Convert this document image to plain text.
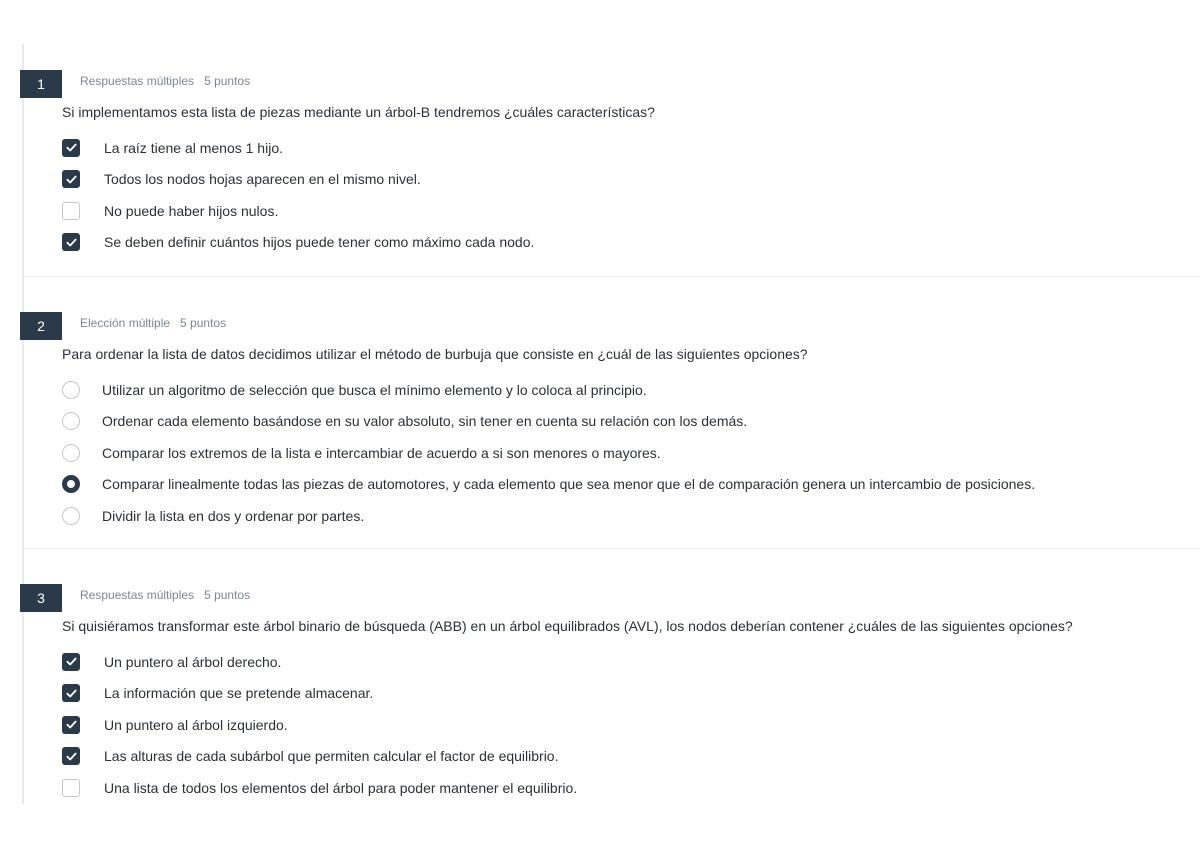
1	Respuestas múltiples 5 puntos
Si implementamos esta lista de piezas mediante un árbol-B tendremos ¿cuáles características?
La raíz tiene al menos 1 hijo.
Todos los nodos hojas aparecen en el mismo nivel.
No puede haber hijos nulos.
Se deben definir cuántos hijos puede tener como máximo cada nodo.
2	Elección múltiple 5 puntos
Para ordenar la lista de datos decidimos utilizar el método de burbuja que consiste en ¿cuál de las siguientes opciones?
Utilizar un algoritmo de selección que busca el mínimo elemento y lo coloca al principio.
Ordenar cada elemento basándose en su valor absoluto, sin tener en cuenta su relación con los demás.
Comparar los extremos de la lista e intercambiar de acuerdo a si son menores o mayores.
Comparar linealmente todas las piezas de automotores, y cada elemento que sea menor que el de comparación genera un intercambio de posiciones.
Dividir la lista en dos y ordenar por partes.
3	Respuestas múltiples 5 puntos
Si quisiéramos transformar este árbol binario de búsqueda (ABB) en un árbol equilibrados (AVL), los nodos deberían contener ¿cuáles de las siguientes opciones?
Un puntero al árbol derecho.
La información que se pretende almacenar.
Un puntero al árbol izquierdo.
Las alturas de cada subárbol que permiten calcular el factor de equilibrio.
Una lista de todos los elementos del árbol para poder mantener el equilibrio.
